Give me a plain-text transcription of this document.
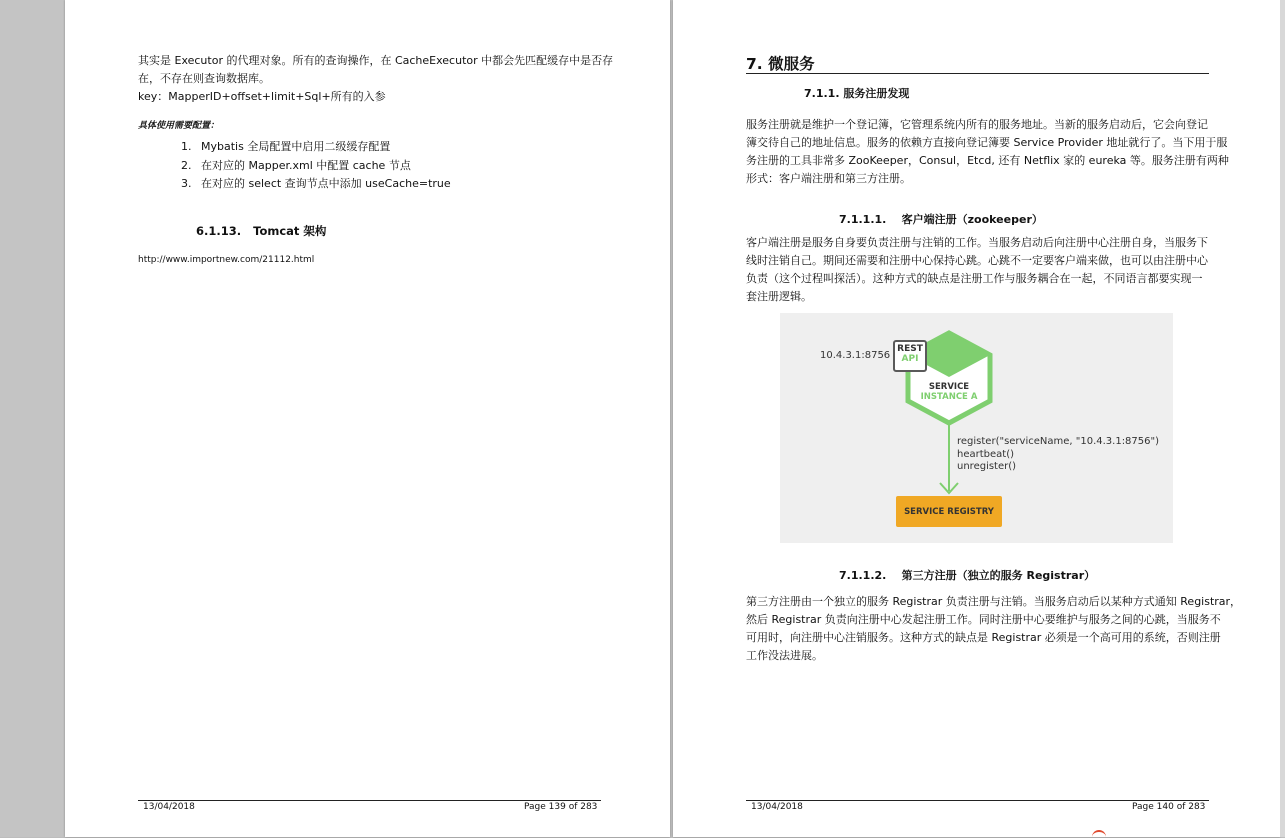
其实是 Executor 的代理对象。所有的查询操作，在 CacheExecutor 中都会先匹配缓存中是否存

在，不存在则查询数据库。

key：MapperID+offset+limit+Sql+所有的入参

具体使用需要配置：

1. Mybatis 全局配置中启用二级缓存配置
2. 在对应的 Mapper.xml 中配置 cache 节点
3. 在对应的 select 查询节点中添加 useCache=true

6.1.13.   Tomcat 架构

http://www.importnew.com/21112.html

13/04/2018	Page 139 of 283

7. 微服务

7.1.1. 服务注册发现

服务注册就是维护一个登记簿，它管理系统内所有的服务地址。当新的服务启动后，它会向登记

簿交待自己的地址信息。服务的依赖方直接向登记簿要 Service Provider 地址就行了。当下用于服

务注册的工具非常多 ZooKeeper，Consul，Etcd, 还有 Netflix 家的 eureka 等。服务注册有两种

形式：客户端注册和第三方注册。

7.1.1.1.    客户端注册（zookeeper）

客户端注册是服务自身要负责注册与注销的工作。当服务启动后向注册中心注册自身，当服务下

线时注销自己。期间还需要和注册中心保持心跳。心跳不一定要客户端来做，也可以由注册中心

负责（这个过程叫探活）。这种方式的缺点是注册工作与服务耦合在一起，不同语言都要实现一

套注册逻辑。

10.4.3.1:8756
REST
API
SERVICE
INSTANCE A
register("serviceName, "10.4.3.1:8756")
heartbeat()
unregister()
SERVICE REGISTRY

7.1.1.2.    第三方注册（独立的服务 Registrar）

第三方注册由一个独立的服务 Registrar 负责注册与注销。当服务启动后以某种方式通知 Registrar，

然后 Registrar 负责向注册中心发起注册工作。同时注册中心要维护与服务之间的心跳，当服务不

可用时，向注册中心注销服务。这种方式的缺点是 Registrar 必须是一个高可用的系统，否则注册

工作没法进展。

13/04/2018	Page 140 of 283
